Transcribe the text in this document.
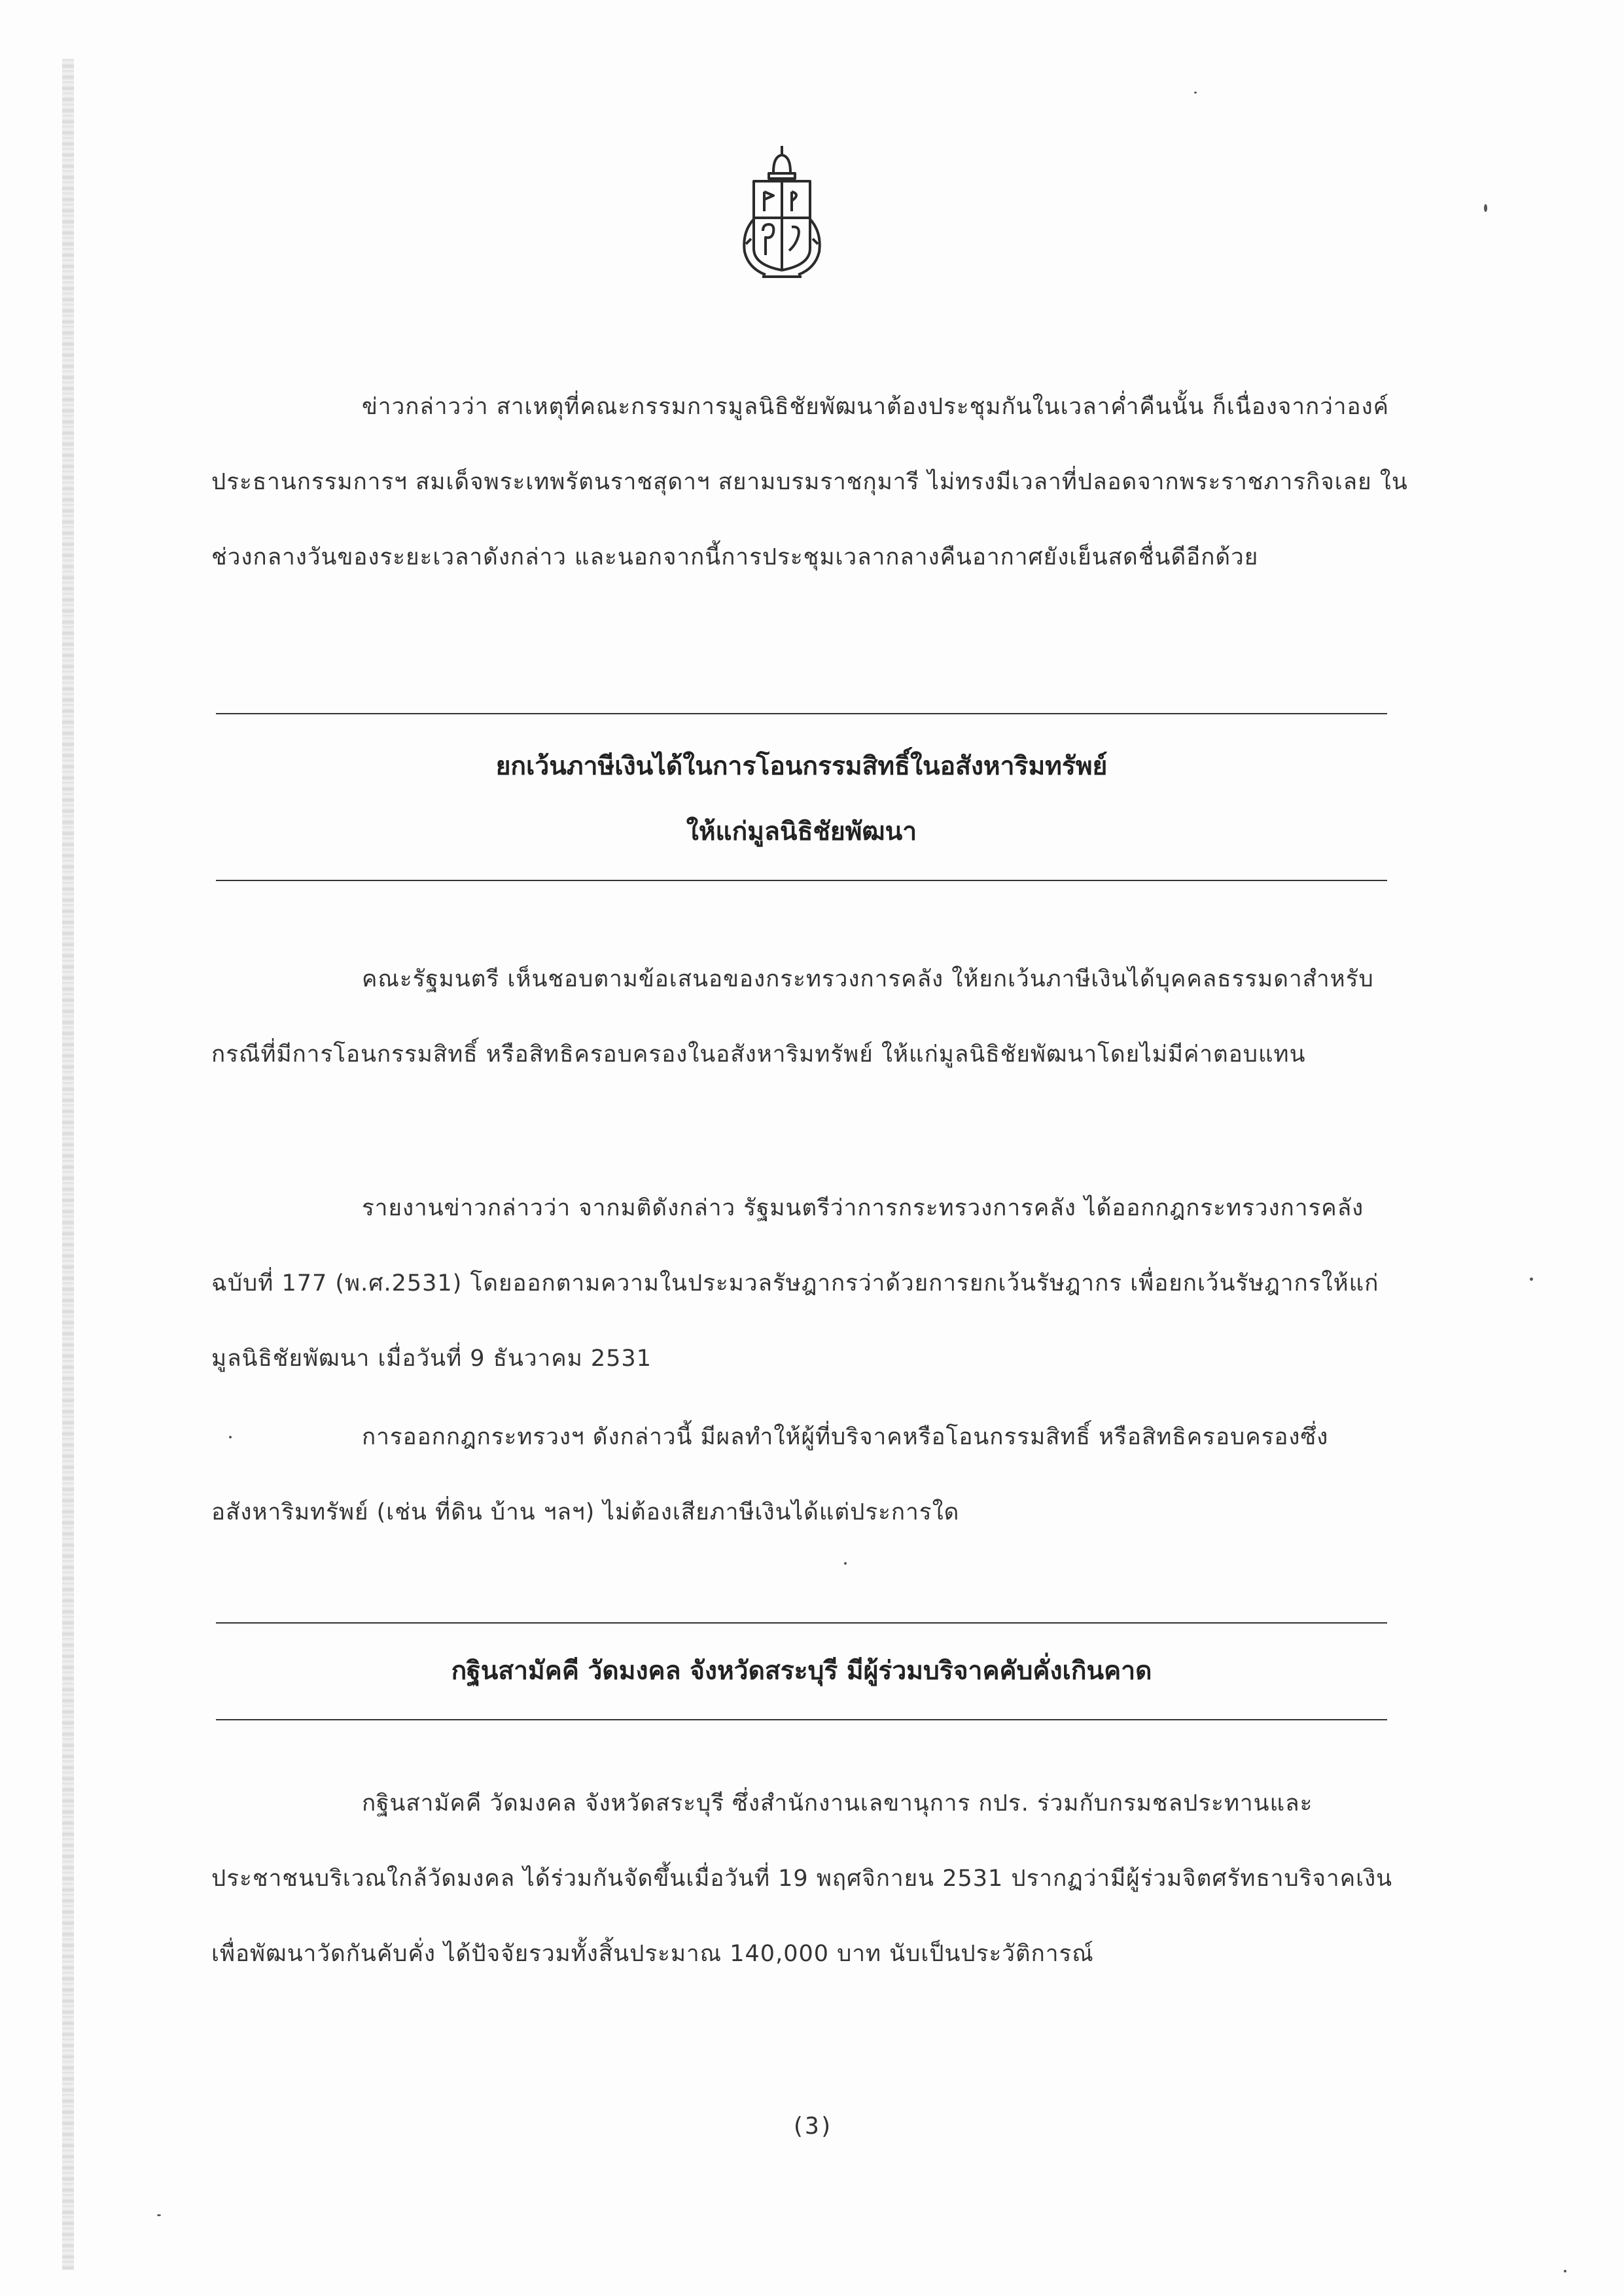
ข่าวกล่าวว่า สาเหตุที่คณะกรรมการมูลนิธิชัยพัฒนาต้องประชุมกันในเวลาค่ำคืนนั้น ก็เนื่องจากว่าองค์ประธานกรรมการฯ สมเด็จพระเทพรัตนราชสุดาฯ สยามบรมราชกุมารี ไม่ทรงมีเวลาที่ปลอดจากพระราชภารกิจเลย ในช่วงกลางวันของระยะเวลาดังกล่าว และนอกจากนี้การประชุมเวลากลางคืนอากาศยังเย็นสดชื่นดีอีกด้วย

ยกเว้นภาษีเงินได้ในการโอนกรรมสิทธิ์ในอสังหาริมทรัพย์
ให้แก่มูลนิธิชัยพัฒนา

คณะรัฐมนตรี เห็นชอบตามข้อเสนอของกระทรวงการคลัง ให้ยกเว้นภาษีเงินได้บุคคลธรรมดาสำหรับกรณีที่มีการโอนกรรมสิทธิ์ หรือสิทธิครอบครองในอสังหาริมทรัพย์ ให้แก่มูลนิธิชัยพัฒนาโดยไม่มีค่าตอบแทน

รายงานข่าวกล่าวว่า จากมติดังกล่าว รัฐมนตรีว่าการกระทรวงการคลัง ได้ออกกฎกระทรวงการคลัง ฉบับที่ 177 (พ.ศ.2531) โดยออกตามความในประมวลรัษฎากรว่าด้วยการยกเว้นรัษฎากร เพื่อยกเว้นรัษฎากรให้แก่มูลนิธิชัยพัฒนา เมื่อวันที่ 9 ธันวาคม 2531

การออกกฎกระทรวงฯ ดังกล่าวนี้ มีผลทำให้ผู้ที่บริจาคหรือโอนกรรมสิทธิ์ หรือสิทธิครอบครองซึ่งอสังหาริมทรัพย์ (เช่น ที่ดิน บ้าน ฯลฯ) ไม่ต้องเสียภาษีเงินได้แต่ประการใด

กฐินสามัคคี วัดมงคล จังหวัดสระบุรี มีผู้ร่วมบริจาคคับคั่งเกินคาด

กฐินสามัคคี วัดมงคล จังหวัดสระบุรี ซึ่งสำนักงานเลขานุการ กปร. ร่วมกับกรมชลประทานและประชาชนบริเวณใกล้วัดมงคล ได้ร่วมกันจัดขึ้นเมื่อวันที่ 19 พฤศจิกายน 2531 ปรากฏว่ามีผู้ร่วมจิตศรัทธาบริจาคเงินเพื่อพัฒนาวัดกันคับคั่ง ได้ปัจจัยรวมทั้งสิ้นประมาณ 140,000 บาท นับเป็นประวัติการณ์

(3)
